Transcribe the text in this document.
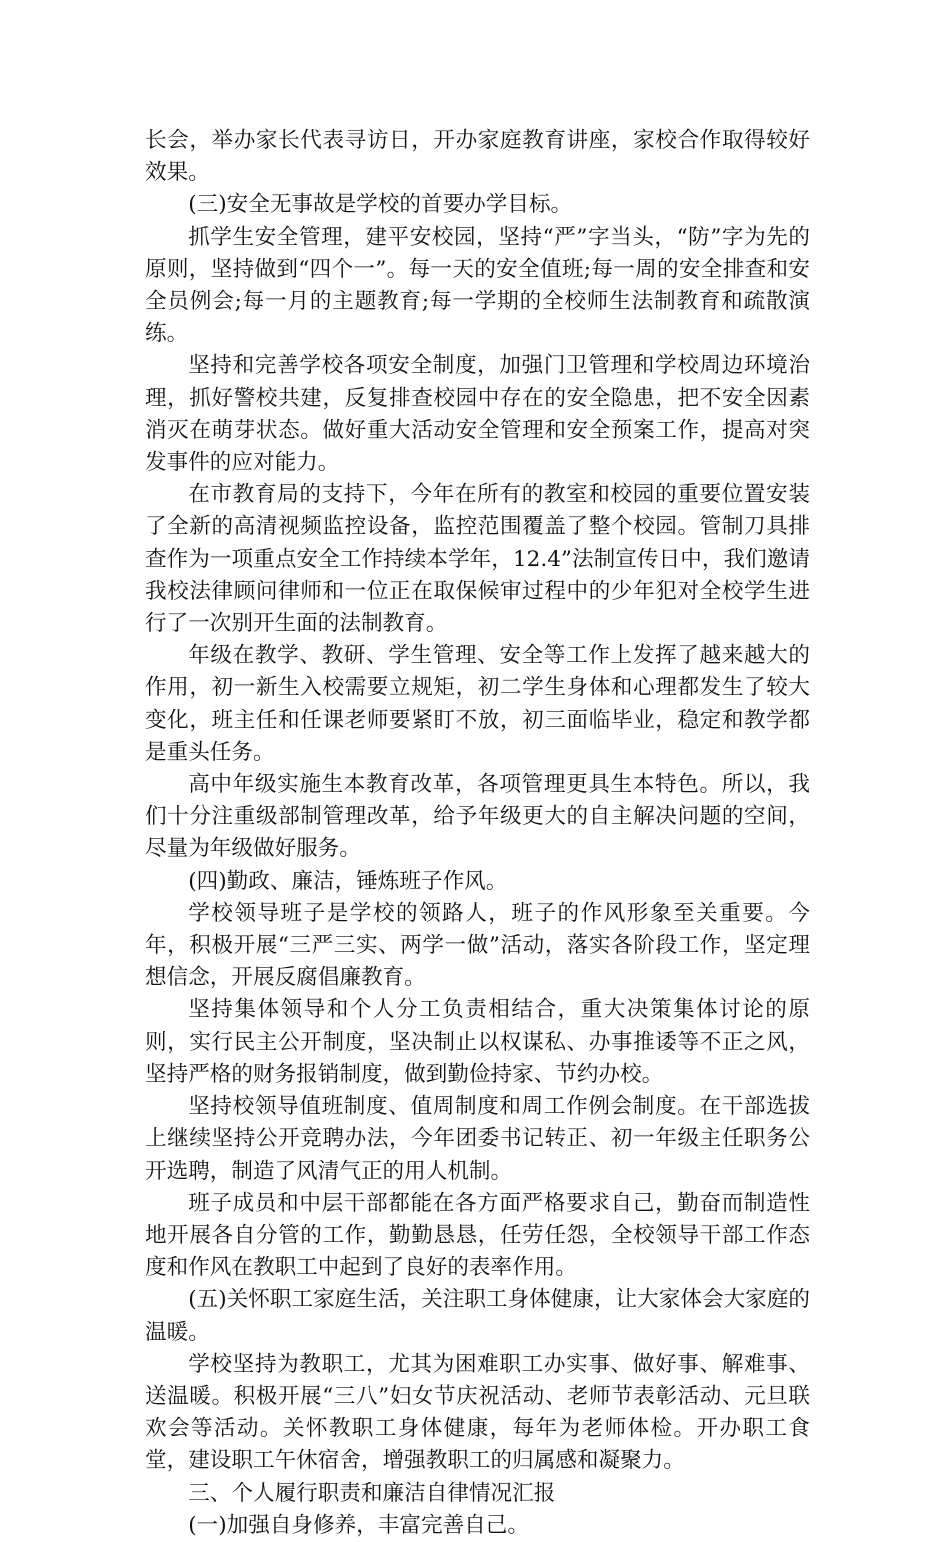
长会，举办家长代表寻访日，开办家庭教育讲座，家校合作取得较好效果。

(三)安全无事故是学校的首要办学目标。

抓学生安全管理，建平安校园，坚持“严”字当头，“防”字为先的原则，坚持做到“四个一”。每一天的安全值班;每一周的安全排查和安全员例会;每一月的主题教育;每一学期的全校师生法制教育和疏散演练。

坚持和完善学校各项安全制度，加强门卫管理和学校周边环境治理，抓好警校共建，反复排查校园中存在的安全隐患，把不安全因素消灭在萌芽状态。做好重大活动安全管理和安全预案工作，提高对突发事件的应对能力。

在市教育局的支持下，今年在所有的教室和校园的重要位置安装了全新的高清视频监控设备，监控范围覆盖了整个校园。管制刀具排查作为一项重点安全工作持续本学年，12.4”法制宣传日中，我们邀请我校法律顾问律师和一位正在取保候审过程中的少年犯对全校学生进行了一次别开生面的法制教育。

年级在教学、教研、学生管理、安全等工作上发挥了越来越大的作用，初一新生入校需要立规矩，初二学生身体和心理都发生了较大变化，班主任和任课老师要紧盯不放，初三面临毕业，稳定和教学都是重头任务。

高中年级实施生本教育改革，各项管理更具生本特色。所以，我们十分注重级部制管理改革，给予年级更大的自主解决问题的空间，尽量为年级做好服务。

(四)勤政、廉洁，锤炼班子作风。

学校领导班子是学校的领路人，班子的作风形象至关重要。今年，积极开展“三严三实、两学一做”活动，落实各阶段工作，坚定理想信念，开展反腐倡廉教育。

坚持集体领导和个人分工负责相结合，重大决策集体讨论的原则，实行民主公开制度，坚决制止以权谋私、办事推诿等不正之风，坚持严格的财务报销制度，做到勤俭持家、节约办校。

坚持校领导值班制度、值周制度和周工作例会制度。在干部选拔上继续坚持公开竞聘办法，今年团委书记转正、初一年级主任职务公开选聘，制造了风清气正的用人机制。

班子成员和中层干部都能在各方面严格要求自己，勤奋而制造性地开展各自分管的工作，勤勤恳恳，任劳任怨，全校领导干部工作态度和作风在教职工中起到了良好的表率作用。

(五)关怀职工家庭生活，关注职工身体健康，让大家体会大家庭的温暖。

学校坚持为教职工，尤其为困难职工办实事、做好事、解难事、送温暖。积极开展“三八”妇女节庆祝活动、老师节表彰活动、元旦联欢会等活动。关怀教职工身体健康，每年为老师体检。开办职工食堂，建设职工午休宿舍，增强教职工的归属感和凝聚力。

三、个人履行职责和廉洁自律情况汇报

(一)加强自身修养，丰富完善自己。
